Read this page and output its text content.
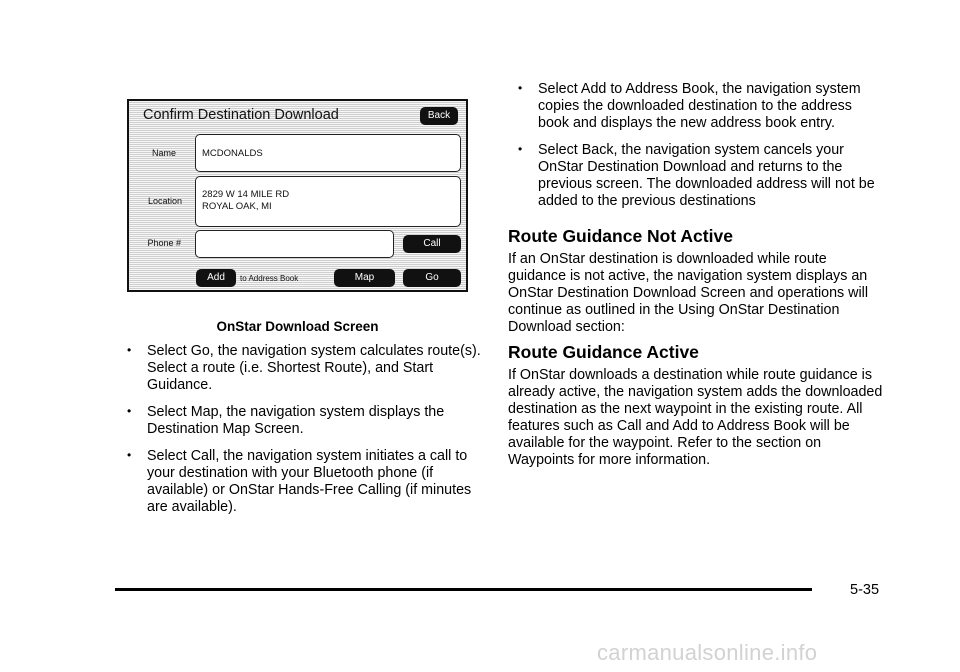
Confirm Destination Download	Back
Name	MCDONALDS
Location
2829 W 14 MILE RD
ROYAL OAK, MI
Phone #	Call
Add	to Address Book	Map	Go
OnStar Download Screen
• Select Go, the navigation system calculates route(s). Select a route (i.e. Shortest Route), and Start Guidance.
• Select Map, the navigation system displays the Destination Map Screen.
• Select Call, the navigation system initiates a call to your destination with your Bluetooth phone (if available) or OnStar Hands-Free Calling (if minutes are available).
• Select Add to Address Book, the navigation system copies the downloaded destination to the address book and displays the new address book entry.
• Select Back, the navigation system cancels your OnStar Destination Download and returns to the previous screen. The downloaded address will not be added to the previous destinations
Route Guidance Not Active
If an OnStar destination is downloaded while route guidance is not active, the navigation system displays an OnStar Destination Download Screen and operations will continue as outlined in the Using OnStar Destination Download section:
Route Guidance Active
If OnStar downloads a destination while route guidance is already active, the navigation system adds the downloaded destination as the next waypoint in the existing route. All features such as Call and Add to Address Book will be available for the waypoint. Refer to the section on Waypoints for more information.
5-35
carmanualsonline.info
